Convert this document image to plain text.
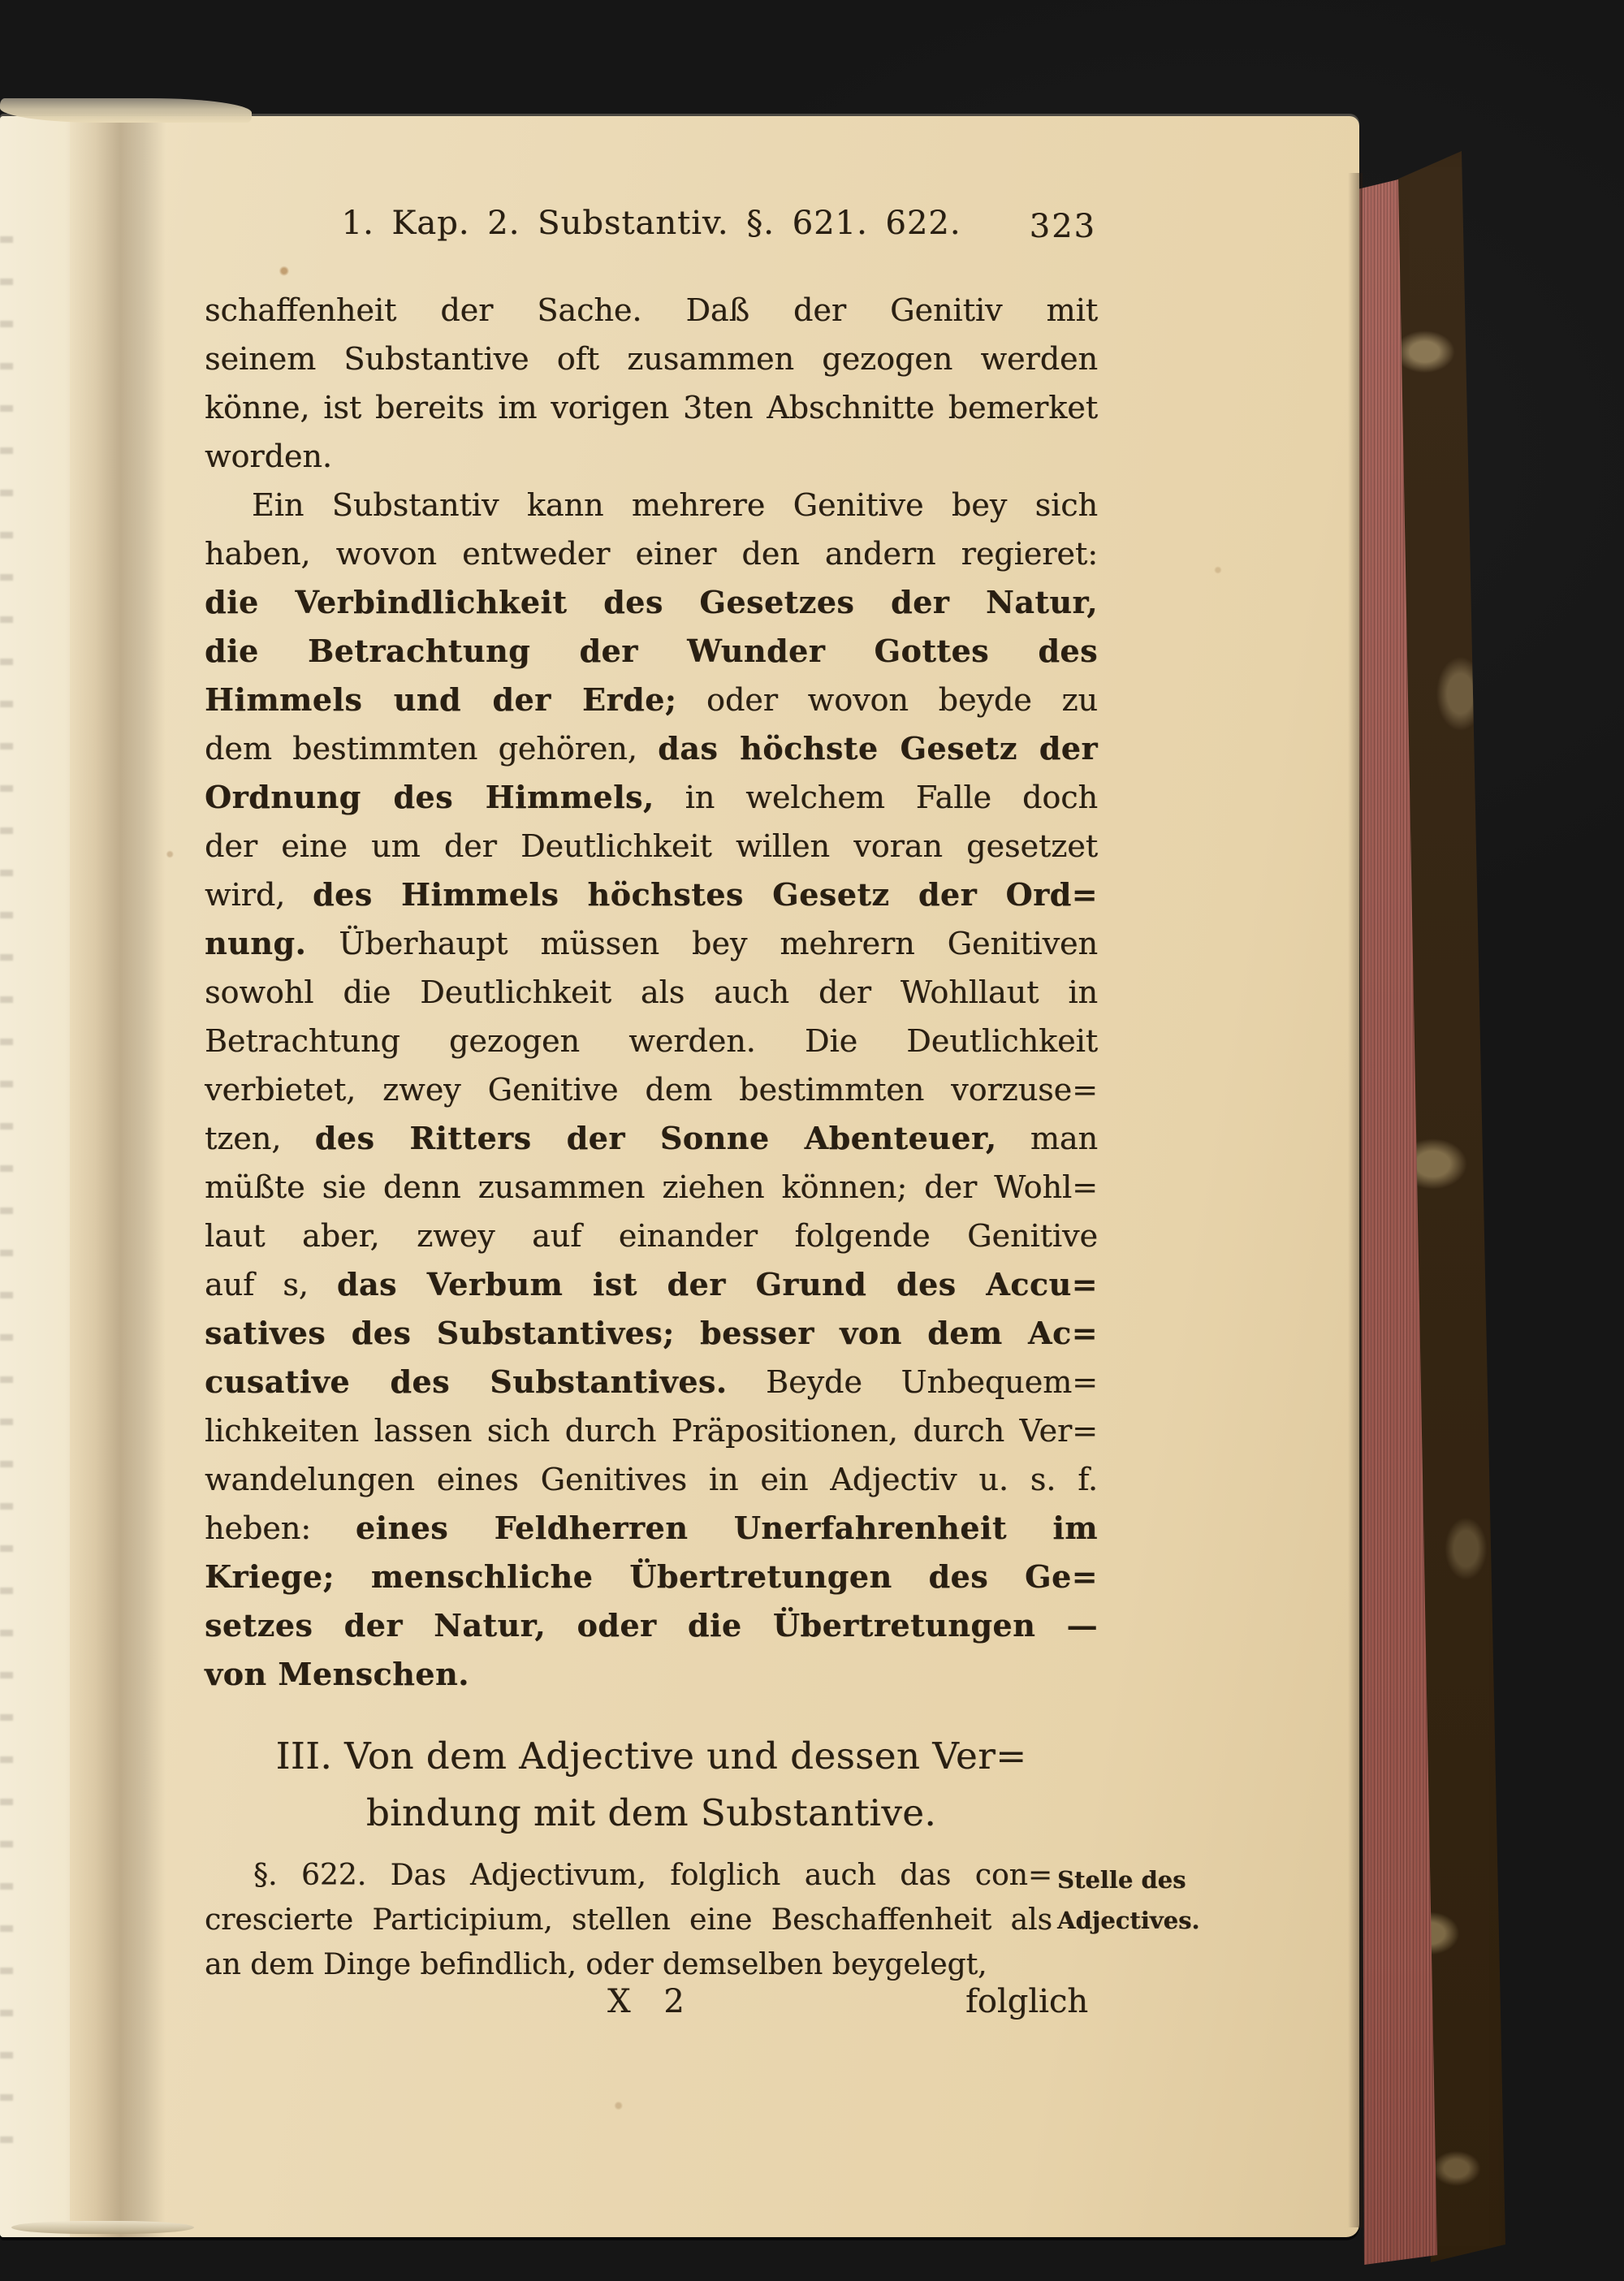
1. Kap. 2. Substantiv. §. 621. 622. 323
schaffenheit der Sache. Daß der Genitiv mit
seinem Substantive oft zusammen gezogen werden
könne, ist bereits im vorigen 3ten Abschnitte bemerket
worden.
Ein Substantiv kann mehrere Genitive bey sich
haben, wovon entweder einer den andern regieret:
die Verbindlichkeit des Gesetzes der Natur,
die Betrachtung der Wunder Gottes des
Himmels und der Erde; oder wovon beyde zu
dem bestimmten gehören, das höchste Gesetz der
Ordnung des Himmels, in welchem Falle doch
der eine um der Deutlichkeit willen voran gesetzet
wird, des Himmels höchstes Gesetz der Ord=
nung. Überhaupt müssen bey mehrern Genitiven
sowohl die Deutlichkeit als auch der Wohllaut in
Betrachtung gezogen werden. Die Deutlichkeit
verbietet, zwey Genitive dem bestimmten vorzuse=
tzen, des Ritters der Sonne Abenteuer, man
müßte sie denn zusammen ziehen können; der Wohl=
laut aber, zwey auf einander folgende Genitive
auf s, das Verbum ist der Grund des Accu=
satives des Substantives; besser von dem Ac=
cusative des Substantives. Beyde Unbequem=
lichkeiten lassen sich durch Präpositionen, durch Ver=
wandelungen eines Genitives in ein Adjectiv u. s. f.
heben: eines Feldherren Unerfahrenheit im
Kriege; menschliche Übertretungen des Ge=
setzes der Natur, oder die Übertretungen —
von Menschen.
III. Von dem Adjective und dessen Ver=
bindung mit dem Substantive.
§. 622. Das Adjectivum, folglich auch das con=
crescierte Participium, stellen eine Beschaffenheit als
an dem Dinge befindlich, oder demselben beygelegt,
Stelle des
Adjectives.
X 2	folglich
